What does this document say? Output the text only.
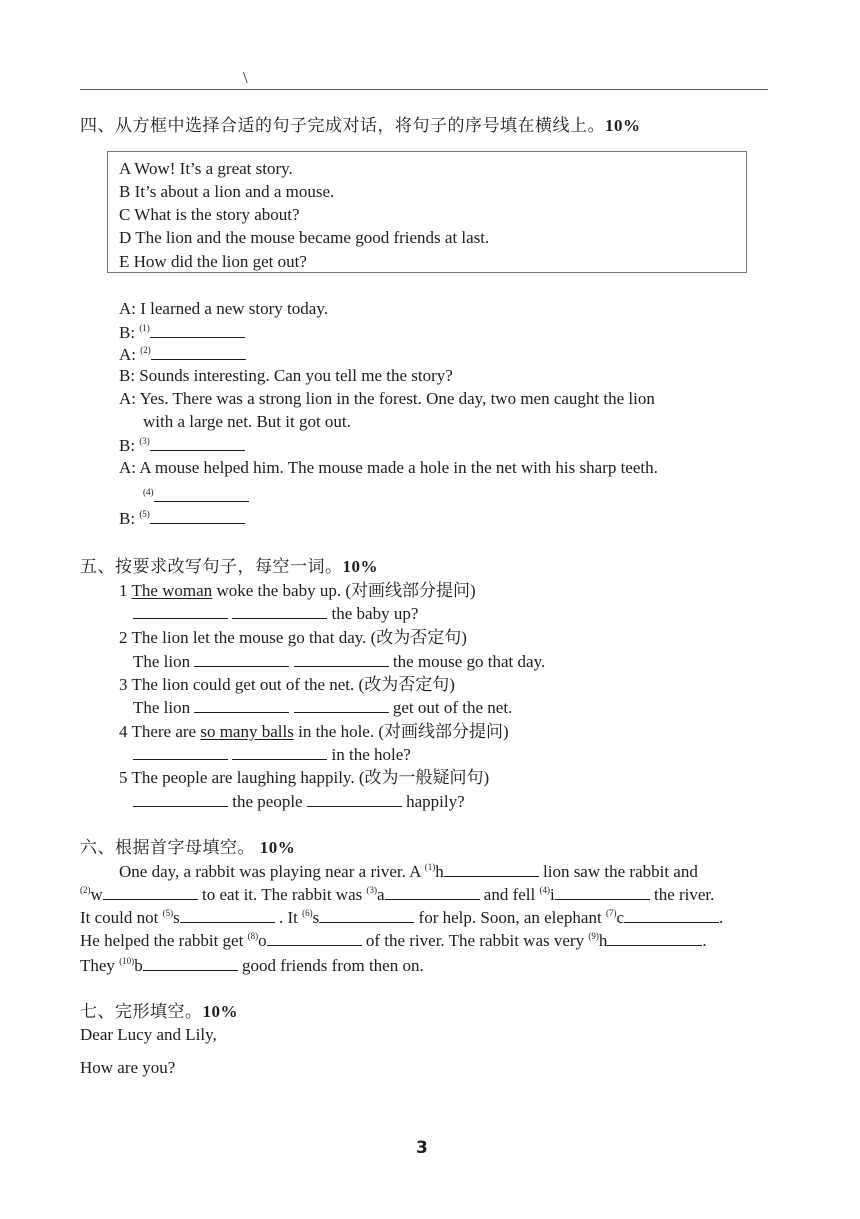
\
四、从方框中选择合适的句子完成对话，将句子的序号填在横线上。10%
A Wow! It’s a great story.
B It’s about a lion and a mouse.
C What is the story about?
D The lion and the mouse became good friends at last.
E How did the lion get out?
A: I learned a new story today.
B: $^{(1)}$
A: $^{(2)}$
B: Sounds interesting. Can you tell me the story?
A: Yes. There was a strong lion in the forest. One day, two men caught the lion
with a large net. But it got out.
B: $^{(3)}$
A: A mouse helped him. The mouse made a hole in the net with his sharp teeth.
$^{(4)}$
B: $^{(5)}$
五、按要求改写句子，每空一词。10%
1 The woman woke the baby up. (对画线部分提问)
the baby up?
2 The lion let the mouse go that day. (改为否定句)
The lion	the mouse go that day.
3 The lion could get out of the net. (改为否定句)
The lion	get out of the net.
4 There are so many balls in the hole. (对画线部分提问)
in the hole?
5 The people are laughing happily. (改为一般疑问句)
the people	happily?
六、根据首字母填空。 10%
One day, a rabbit was playing near a river. A $^{(1)}$h	lion saw the rabbit and
$^{(2)}$w	to eat it. The rabbit was $^{(3)}$a	and fell $^{(4)}$i	the river.
It could not $^{(5)}$s	. It $^{(6)}$s	for help. Soon, an elephant $^{(7)}$c	.
He helped the rabbit get $^{(8)}$o	of the river. The rabbit was very $^{(9)}$h	.
They $^{(10)}$b	good friends from then on.
七、完形填空。10%
Dear Lucy and Lily,
How are you?
3
